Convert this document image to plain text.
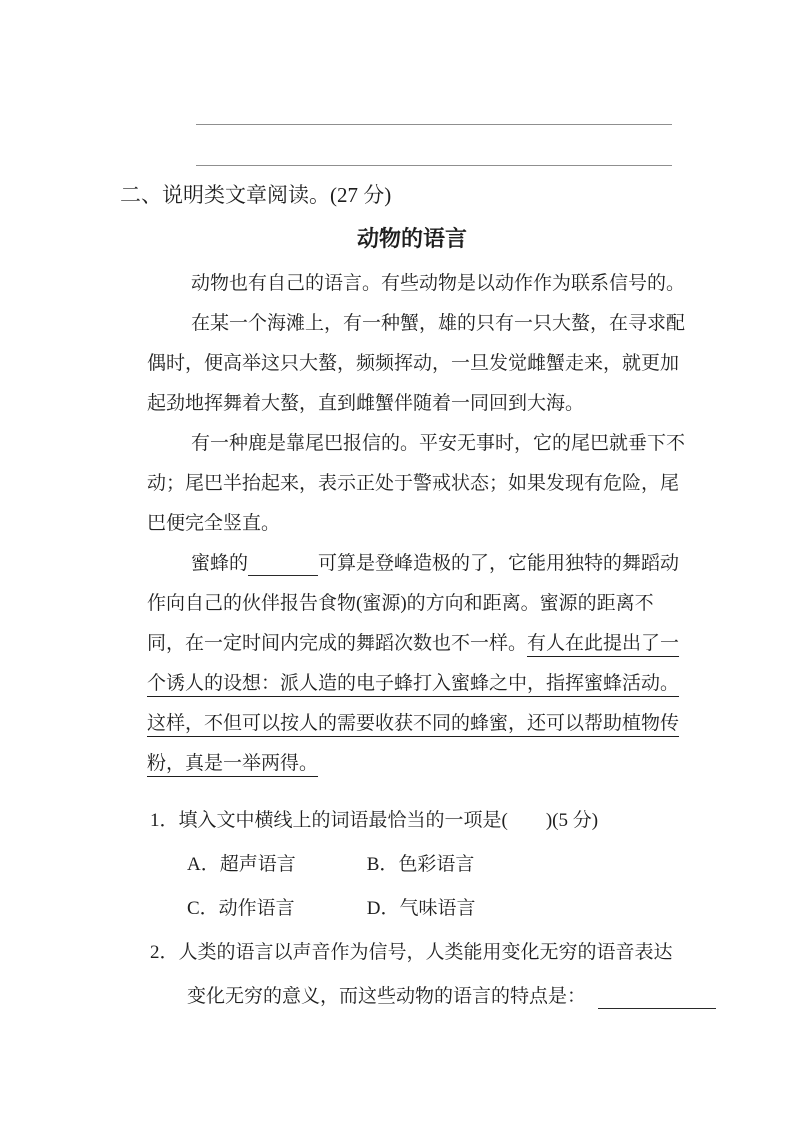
二、说明类文章阅读。(27 分)
动物的语言
动物也有自己的语言。有些动物是以动作作为联系信号的。
在某一个海滩上，有一种蟹，雄的只有一只大螯，在寻求配
偶时，便高举这只大螯，频频挥动，一旦发觉雌蟹走来，就更加
起劲地挥舞着大螯，直到雌蟹伴随着一同回到大海。
有一种鹿是靠尾巴报信的。平安无事时，它的尾巴就垂下不
动；尾巴半抬起来，表示正处于警戒状态；如果发现有危险，尾
巴便完全竖直。
蜜蜂的	可算是登峰造极的了，它能用独特的舞蹈动
作向自己的伙伴报告食物(蜜源)的方向和距离。蜜源的距离不
同，在一定时间内完成的舞蹈次数也不一样。有人在此提出了一
个诱人的设想：派人造的电子蜂打入蜜蜂之中，指挥蜜蜂活动。
这样，不但可以按人的需要收获不同的蜂蜜，还可以帮助植物传
粉，真是一举两得。
1．填入文中横线上的词语最恰当的一项是(　　)(5 分)
A．超声语言	B．色彩语言
C．动作语言	D．气味语言
2．人类的语言以声音作为信号，人类能用变化无穷的语音表达
变化无穷的意义，而这些动物的语言的特点是：
